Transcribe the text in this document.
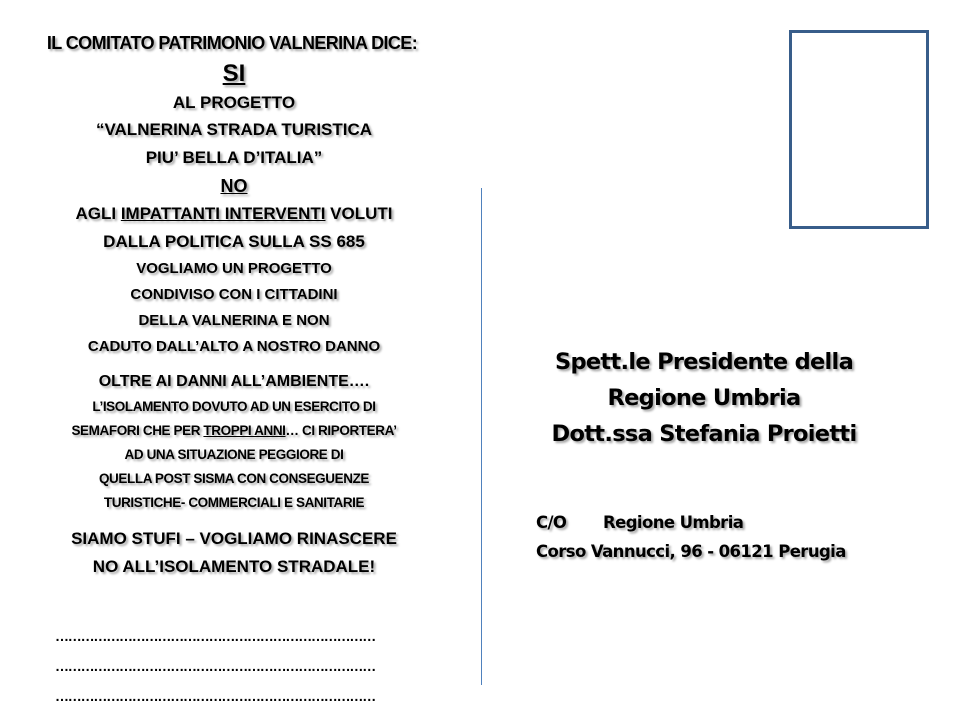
IL COMITATO PATRIMONIO VALNERINA DICE:
SI
AL PROGETTO
“VALNERINA STRADA TURISTICA
PIU’ BELLA D’ITALIA”
NO
AGLI IMPATTANTI INTERVENTI VOLUTI
DALLA POLITICA SULLA SS 685
VOGLIAMO UN PROGETTO
CONDIVISO CON I CITTADINI
DELLA VALNERINA E NON
CADUTO DALL’ALTO A NOSTRO DANNO
OLTRE AI DANNI ALL’AMBIENTE….
L’ISOLAMENTO DOVUTO AD UN ESERCITO DI
SEMAFORI CHE PER TROPPI ANNI… CI RIPORTERA’
AD UNA SITUAZIONE PEGGIORE DI
QUELLA POST SISMA CON CONSEGUENZE
TURISTICHE- COMMERCIALI E SANITARIE
SIAMO STUFI – VOGLIAMO RINASCERE
NO ALL’ISOLAMENTO STRADALE!
…………………………………………………………………
…………………………………………………………………
…………………………………………………………………
Spett.le Presidente della
Regione Umbria
Dott.ssa Stefania Proietti
C/O Regione Umbria
Corso Vannucci, 96 - 06121 Perugia
